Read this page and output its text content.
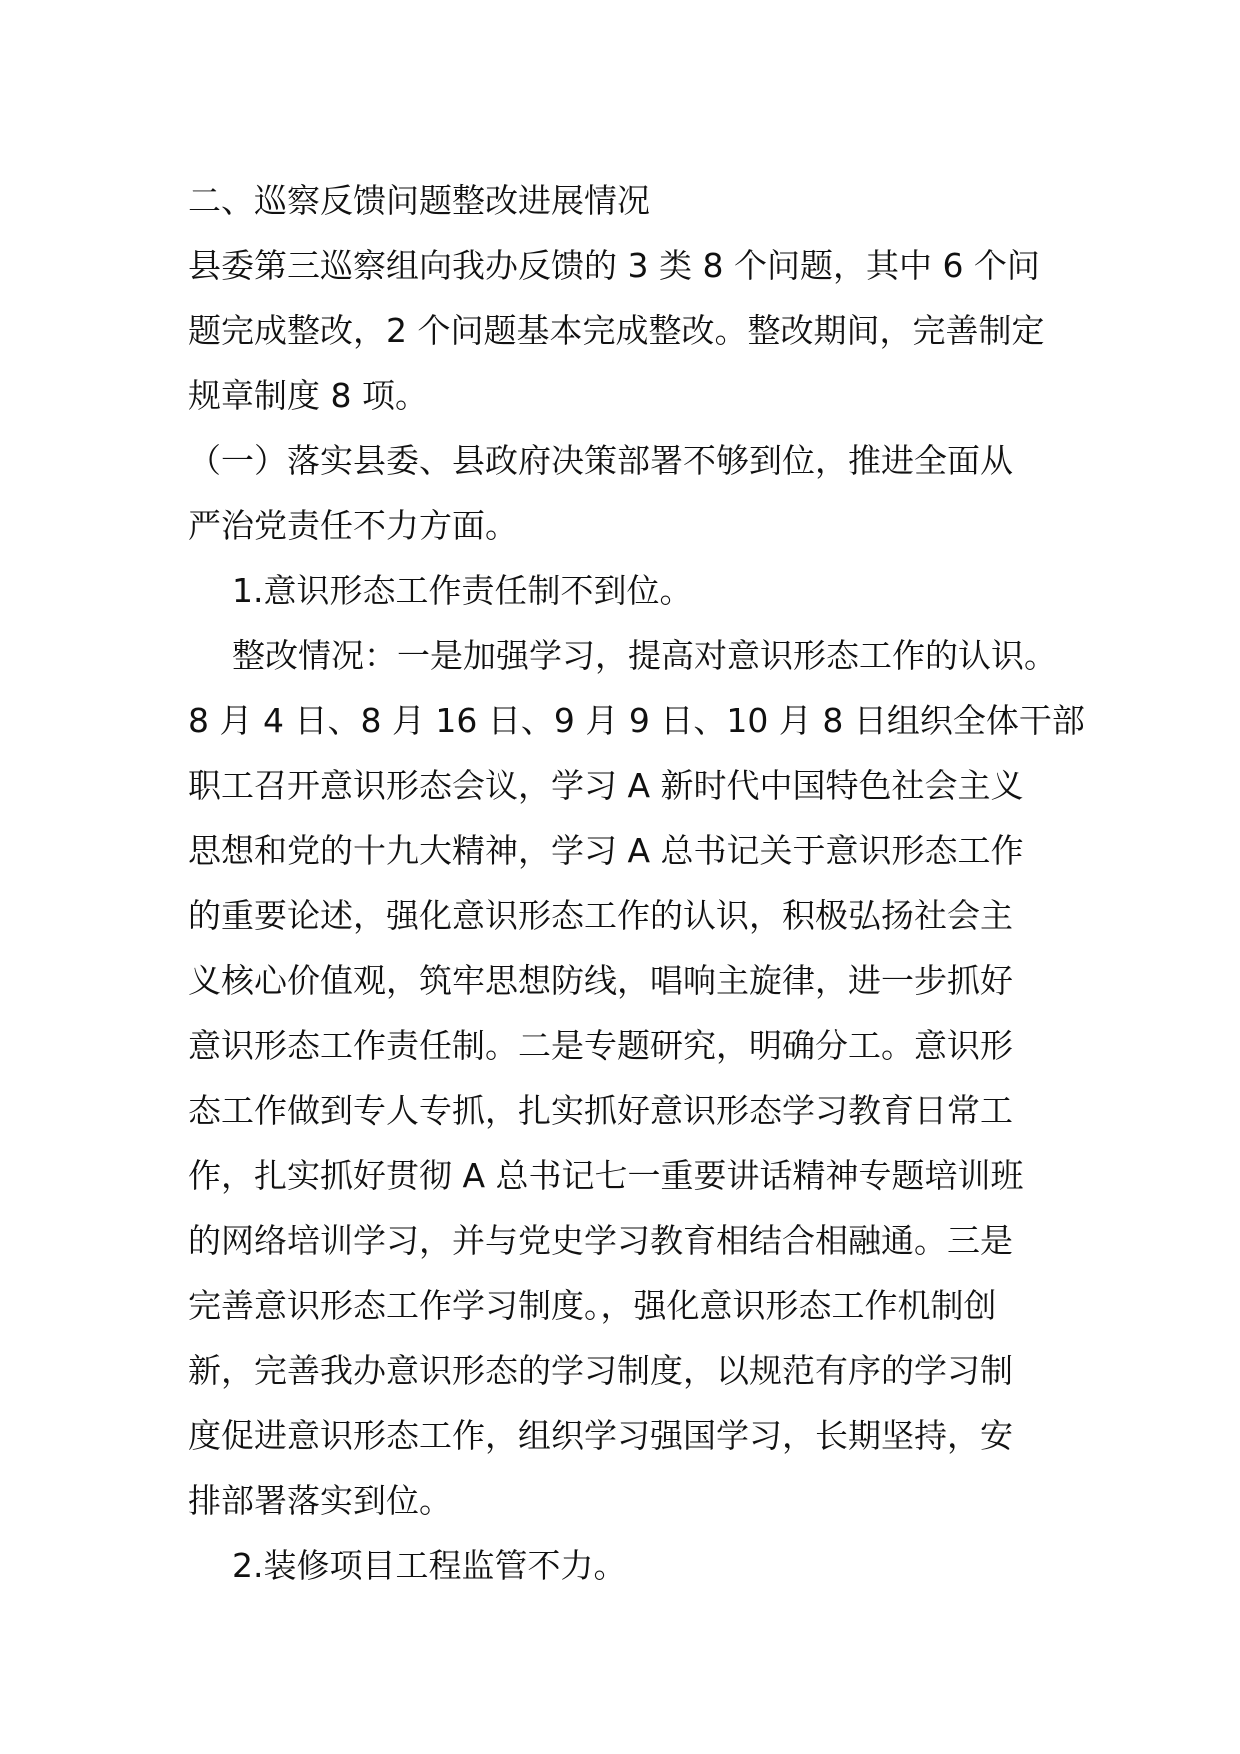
二、巡察反馈问题整改进展情况
县委第三巡察组向我办反馈的 3 类 8 个问题，其中 6 个问
题完成整改，2 个问题基本完成整改。整改期间，完善制定
规章制度 8 项。
（一）落实县委、县政府决策部署不够到位，推进全面从
严治党责任不力方面。
1.意识形态工作责任制不到位。
整改情况：一是加强学习，提高对意识形态工作的认识。
8 月 4 日、8 月 16 日、9 月 9 日、10 月 8 日组织全体干部
职工召开意识形态会议，学习 A 新时代中国特色社会主义
思想和党的十九大精神，学习 A 总书记关于意识形态工作
的重要论述，强化意识形态工作的认识，积极弘扬社会主
义核心价值观，筑牢思想防线，唱响主旋律，进一步抓好
意识形态工作责任制。二是专题研究，明确分工。意识形
态工作做到专人专抓，扎实抓好意识形态学习教育日常工
作，扎实抓好贯彻 A 总书记七一重要讲话精神专题培训班
的网络培训学习，并与党史学习教育相结合相融通。三是
完善意识形态工作学习制度。，强化意识形态工作机制创
新，完善我办意识形态的学习制度，以规范有序的学习制
度促进意识形态工作，组织学习强国学习，长期坚持，安
排部署落实到位。
2.装修项目工程监管不力。
